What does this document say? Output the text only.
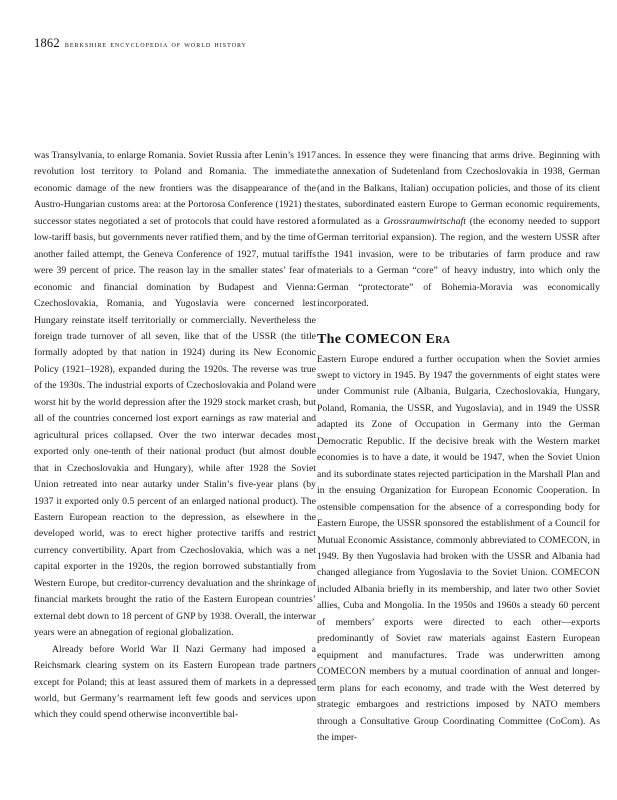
1862 berkshire encyclopedia of world history

was Transylvania, to enlarge Romania. Soviet Russia after Lenin’s 1917 revolution lost territory to Poland and Romania. The immediate economic damage of the new frontiers was the disappearance of the Austro-Hungarian customs area: at the Portorosa Conference (1921) the successor states negotiated a set of protocols that could have restored a low-tariff basis, but governments never ratified them, and by the time of another failed attempt, the Geneva Conference of 1927, mutual tariffs were 39 percent of price. The reason lay in the smaller states’ fear of economic and financial domination by Budapest and Vienna: Czechoslovakia, Romania, and Yugoslavia were concerned lest Hungary reinstate itself territorially or commercially. Nevertheless the foreign trade turnover of all seven, like that of the USSR (the title formally adopted by that nation in 1924) during its New Economic Policy (1921–1928), expanded during the 1920s. The reverse was true of the 1930s. The industrial exports of Czechoslovakia and Poland were worst hit by the world depression after the 1929 stock market crash, but all of the countries concerned lost export earnings as raw material and agricultural prices collapsed. Over the two interwar decades most exported only one-tenth of their national product (but almost double that in Czechoslovakia and Hungary), while after 1928 the Soviet Union retreated into near autarky under Stalin’s five-year plans (by 1937 it exported only 0.5 percent of an enlarged national product). The Eastern European reaction to the depression, as elsewhere in the developed world, was to erect higher protective tariffs and restrict currency convertibility. Apart from Czechoslovakia, which was a net capital exporter in the 1920s, the region borrowed substantially from Western Europe, but creditor-currency devaluation and the shrinkage of financial markets brought the ratio of the Eastern European countries’ external debt down to 18 percent of GNP by 1938. Overall, the interwar years were an abnegation of regional globalization.

Already before World War II Nazi Germany had imposed a Reichsmark clearing system on its Eastern European trade partners except for Poland; this at least assured them of markets in a depressed world, but Germany’s rearmament left few goods and services upon which they could spend otherwise inconvertible bal-

ances. In essence they were financing that arms drive. Beginning with the annexation of Sudetenland from Czechoslovakia in 1938, German (and in the Balkans, Italian) occupation policies, and those of its client states, subordinated eastern Europe to German economic requirements, formulated as a Grossraumwirtschaft (the economy needed to support German territorial expansion). The region, and the western USSR after the 1941 invasion, were to be tributaries of farm produce and raw materials to a German “core” of heavy industry, into which only the German “protectorate” of Bohemia-Moravia was economically incorporated.

The COMECON Era

Eastern Europe endured a further occupation when the Soviet armies swept to victory in 1945. By 1947 the governments of eight states were under Communist rule (Albania, Bulgaria, Czechoslovakia, Hungary, Poland, Romania, the USSR, and Yugoslavia), and in 1949 the USSR adapted its Zone of Occupation in Germany into the German Democratic Republic. If the decisive break with the Western market economies is to have a date, it would be 1947, when the Soviet Union and its subordinate states rejected participation in the Marshall Plan and in the ensuing Organization for European Economic Cooperation. In ostensible compensation for the absence of a corresponding body for Eastern Europe, the USSR sponsored the establishment of a Council for Mutual Economic Assistance, commonly abbreviated to COMECON, in 1949. By then Yugoslavia had broken with the USSR and Albania had changed allegiance from Yugoslavia to the Soviet Union. COMECON included Albania briefly in its membership, and later two other Soviet allies, Cuba and Mongolia. In the 1950s and 1960s a steady 60 percent of members’ exports were directed to each other—exports predominantly of Soviet raw materials against Eastern European equipment and manufactures. Trade was underwritten among COMECON members by a mutual coordination of annual and longer-term plans for each economy, and trade with the West deterred by strategic embargoes and restrictions imposed by NATO members through a Consultative Group Coordinating Committee (CoCom). As the imper-
